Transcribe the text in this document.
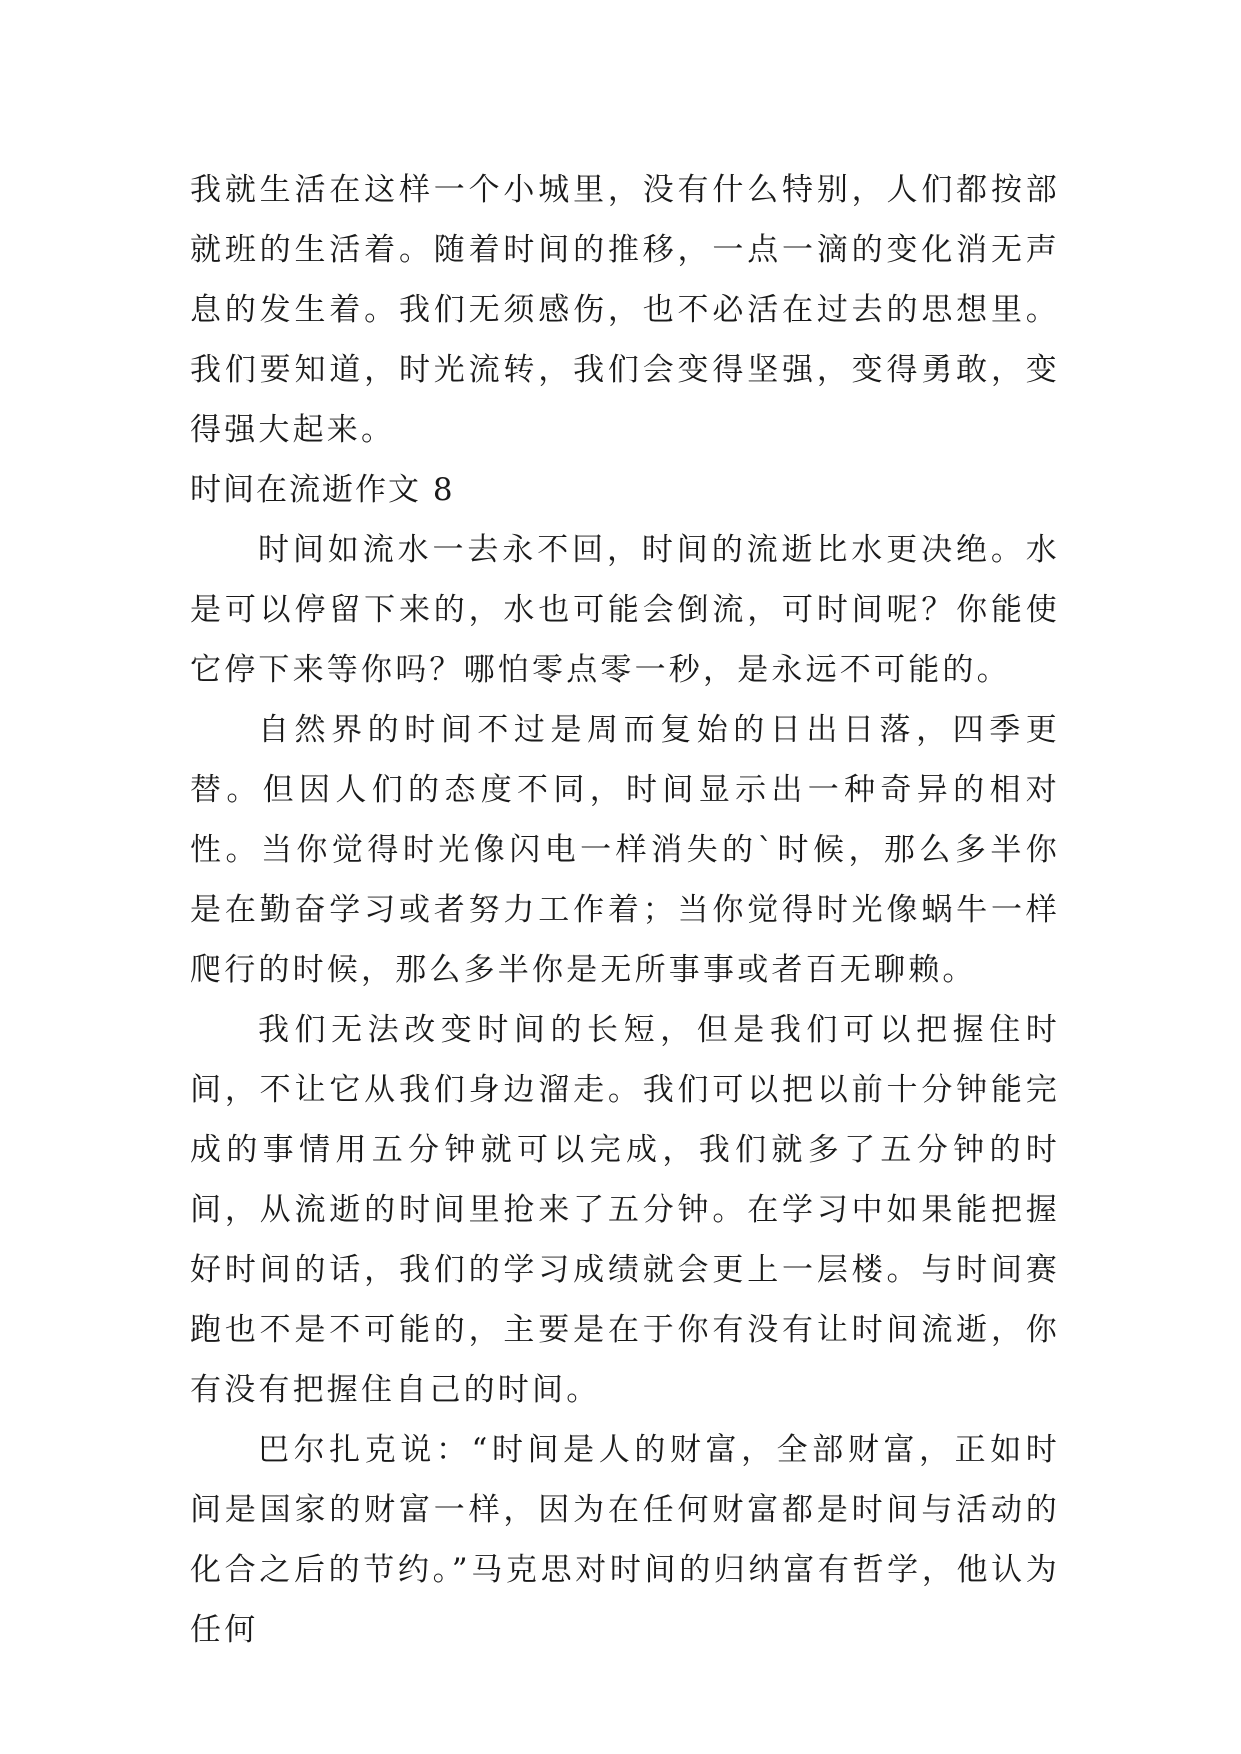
我就生活在这样一个小城里，没有什么特别，人们都按部就班的生活着。随着时间的推移，一点一滴的变化消无声息的发生着。我们无须感伤，也不必活在过去的思想里。我们要知道，时光流转，我们会变得坚强，变得勇敢，变得强大起来。

时间在流逝作文 8

时间如流水一去永不回，时间的流逝比水更决绝。水是可以停留下来的，水也可能会倒流，可时间呢？你能使它停下来等你吗？哪怕零点零一秒，是永远不可能的。

自然界的时间不过是周而复始的日出日落，四季更替。但因人们的态度不同，时间显示出一种奇异的相对性。当你觉得时光像闪电一样消失的`时候，那么多半你是在勤奋学习或者努力工作着；当你觉得时光像蜗牛一样爬行的时候，那么多半你是无所事事或者百无聊赖。

我们无法改变时间的长短，但是我们可以把握住时间，不让它从我们身边溜走。我们可以把以前十分钟能完成的事情用五分钟就可以完成，我们就多了五分钟的时间，从流逝的时间里抢来了五分钟。在学习中如果能把握好时间的话，我们的学习成绩就会更上一层楼。与时间赛跑也不是不可能的，主要是在于你有没有让时间流逝，你有没有把握住自己的时间。

巴尔扎克说：“时间是人的财富，全部财富，正如时间是国家的财富一样，因为在任何财富都是时间与活动的化合之后的节约。”马克思对时间的归纳富有哲学，他认为任何
